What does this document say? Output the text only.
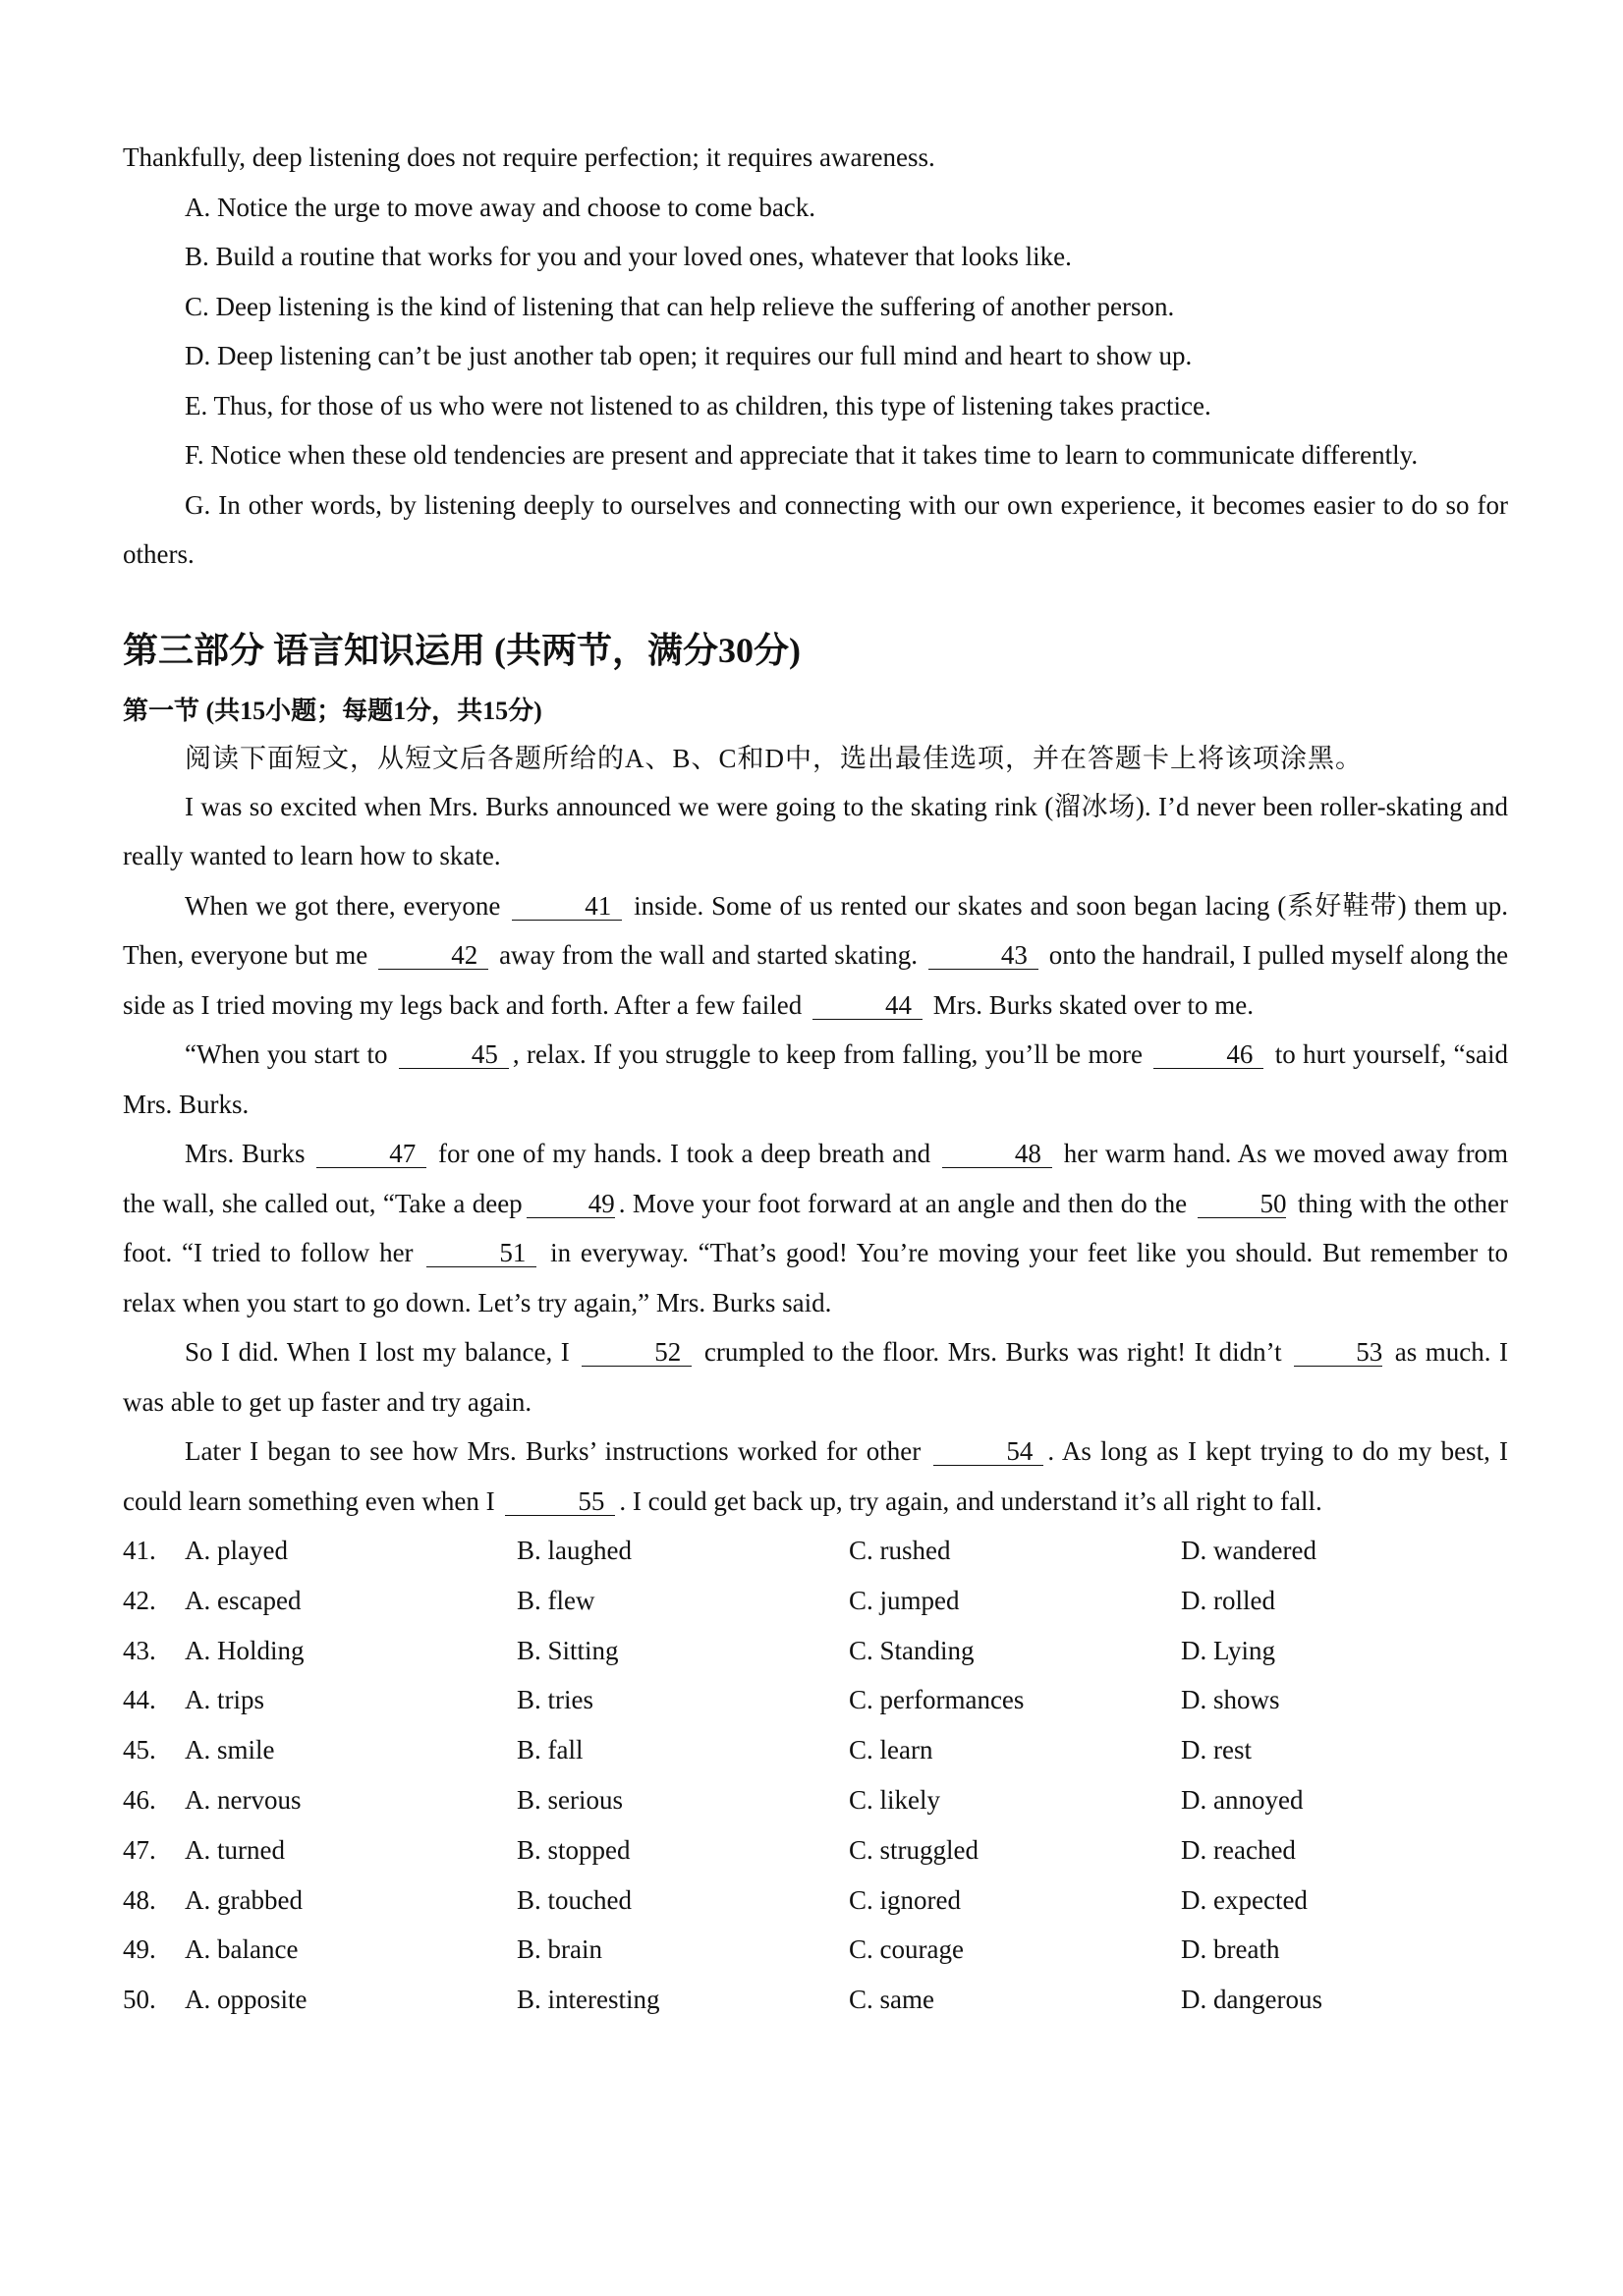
Thankfully, deep listening does not require perfection; it requires awareness.

A. Notice the urge to move away and choose to come back.

B. Build a routine that works for you and your loved ones, whatever that looks like.

C. Deep listening is the kind of listening that can help relieve the suffering of another person.

D. Deep listening can’t be just another tab open; it requires our full mind and heart to show up.

E. Thus, for those of us who were not listened to as children, this type of listening takes practice.

F. Notice when these old tendencies are present and appreciate that it takes time to learn to communicate differently.

G. In other words, by listening deeply to ourselves and connecting with our own experience, it becomes easier to do so for others.

第三部分 语言知识运用 (共两节，满分30分)

第一节 (共15小题；每题1分，共15分)

阅读下面短文，从短文后各题所给的A、B、C和D中，选出最佳选项，并在答题卡上将该项涂黑。

I was so excited when Mrs. Burks announced we were going to the skating rink (溜冰场). I’d never been roller-skating and really wanted to learn how to skate.

When we got there, everyone	41 inside. Some of us rented our skates and soon began lacing (系好鞋带) them up. Then, everyone but me	42 away from the wall and started skating.	43 onto the handrail, I pulled myself along the side as I tried moving my legs back and forth. After a few failed	44 Mrs. Burks skated over to me.

“When you start to	45 , relax. If you struggle to keep from falling, you’ll be more	46 to hurt yourself, “said Mrs. Burks.

Mrs. Burks	47 for one of my hands. I took a deep breath and	48 her warm hand. As we moved away from the wall, she called out, “Take a deep 49 . Move your foot forward at an angle and then do the	50 thing with the other foot. “I tried to follow her	51 in everyway. “That’s good! You’re moving your feet like you should. But remember to relax when you start to go down. Let’s try again,” Mrs. Burks said.

So I did. When I lost my balance, I	52 crumpled to the floor. Mrs. Burks was right! It didn’t	53 as much. I was able to get up faster and try again.

Later I began to see how Mrs. Burks’ instructions worked for other	54 . As long as I kept trying to do my best, I could learn something even when I	55 . I could get back up, try again, and understand it’s all right to fall.

41.	A. played	B. laughed	C. rushed	D. wandered
42.	A. escaped	B. flew	C. jumped	D. rolled
43.	A. Holding	B. Sitting	C. Standing	D. Lying
44.	A. trips	B. tries	C. performances	D. shows
45.	A. smile	B. fall	C. learn	D. rest
46.	A. nervous	B. serious	C. likely	D. annoyed
47.	A. turned	B. stopped	C. struggled	D. reached
48.	A. grabbed	B. touched	C. ignored	D. expected
49.	A. balance	B. brain	C. courage	D. breath
50.	A. opposite	B. interesting	C. same	D. dangerous
